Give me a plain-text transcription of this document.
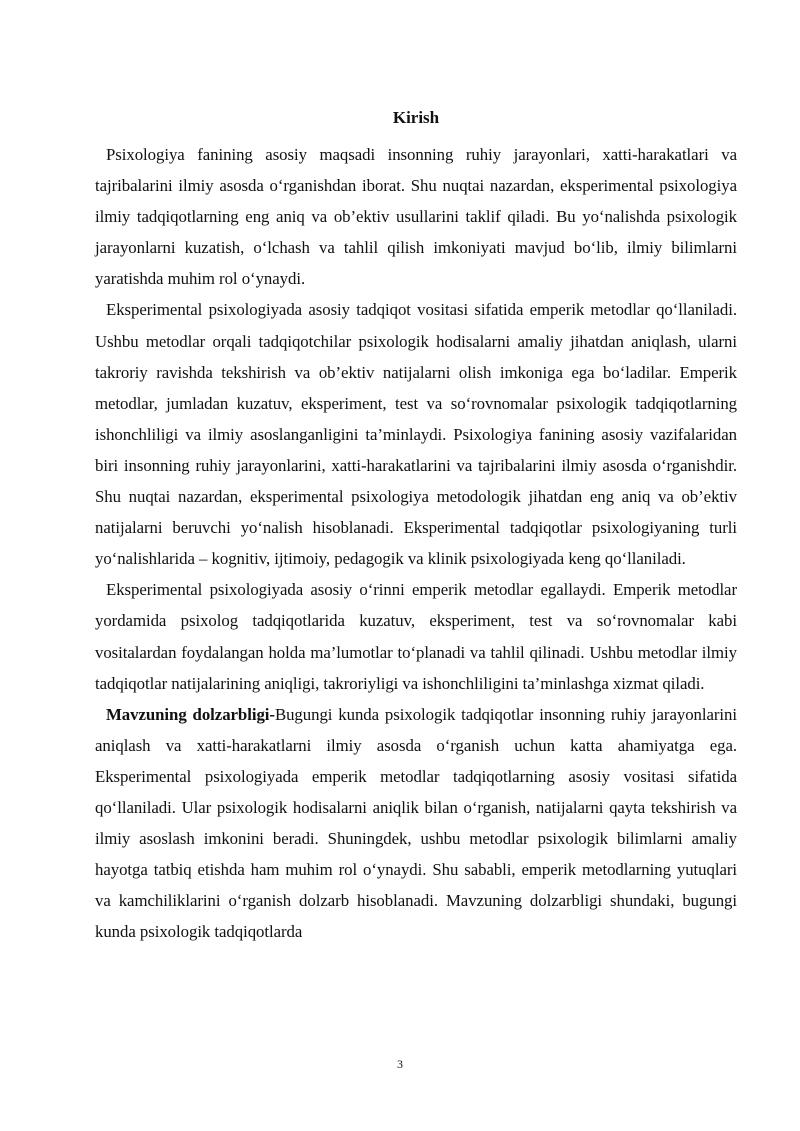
Kirish

Psixologiya fanining asosiy maqsadi insonning ruhiy jarayonlari, xatti-harakatlari va tajribalarini ilmiy asosda o‘rganishdan iborat. Shu nuqtai nazardan, eksperimental psixologiya ilmiy tadqiqotlarning eng aniq va ob’ektiv usullarini taklif qiladi. Bu yo‘nalishda psixologik jarayonlarni kuzatish, o‘lchash va tahlil qilish imkoniyati mavjud bo‘lib, ilmiy bilimlarni yaratishda muhim rol o‘ynaydi.

Eksperimental psixologiyada asosiy tadqiqot vositasi sifatida emperik metodlar qo‘llaniladi. Ushbu metodlar orqali tadqiqotchilar psixologik hodisalarni amaliy jihatdan aniqlash, ularni takroriy ravishda tekshirish va ob’ektiv natijalarni olish imkoniga ega bo‘ladilar. Emperik metodlar, jumladan kuzatuv, eksperiment, test va so‘rovnomalar psixologik tadqiqotlarning ishonchliligi va ilmiy asoslanganligini ta’minlaydi. Psixologiya fanining asosiy vazifalaridan biri insonning ruhiy jarayonlarini, xatti-harakatlarini va tajribalarini ilmiy asosda o‘rganishdir. Shu nuqtai nazardan, eksperimental psixologiya metodologik jihatdan eng aniq va ob’ektiv natijalarni beruvchi yo‘nalish hisoblanadi. Eksperimental tadqiqotlar psixologiyaning turli yo‘nalishlarida – kognitiv, ijtimoiy, pedagogik va klinik psixologiyada keng qo‘llaniladi.

Eksperimental psixologiyada asosiy o‘rinni emperik metodlar egallaydi. Emperik metodlar yordamida psixolog tadqiqotlarida kuzatuv, eksperiment, test va so‘rovnomalar kabi vositalardan foydalangan holda ma’lumotlar to‘planadi va tahlil qilinadi. Ushbu metodlar ilmiy tadqiqotlar natijalarining aniqligi, takroriyligi va ishonchliligini ta’minlashga xizmat qiladi.

Mavzuning dolzarbligi-Bugungi kunda psixologik tadqiqotlar insonning ruhiy jarayonlarini aniqlash va xatti-harakatlarni ilmiy asosda o‘rganish uchun katta ahamiyatga ega. Eksperimental psixologiyada emperik metodlar tadqiqotlarning asosiy vositasi sifatida qo‘llaniladi. Ular psixologik hodisalarni aniqlik bilan o‘rganish, natijalarni qayta tekshirish va ilmiy asoslash imkonini beradi. Shuningdek, ushbu metodlar psixologik bilimlarni amaliy hayotga tatbiq etishda ham muhim rol o‘ynaydi. Shu sababli, emperik metodlarning yutuqlari va kamchiliklarini o‘rganish dolzarb hisoblanadi. Mavzuning dolzarbligi shundaki, bugungi kunda psixologik tadqiqotlarda

3
